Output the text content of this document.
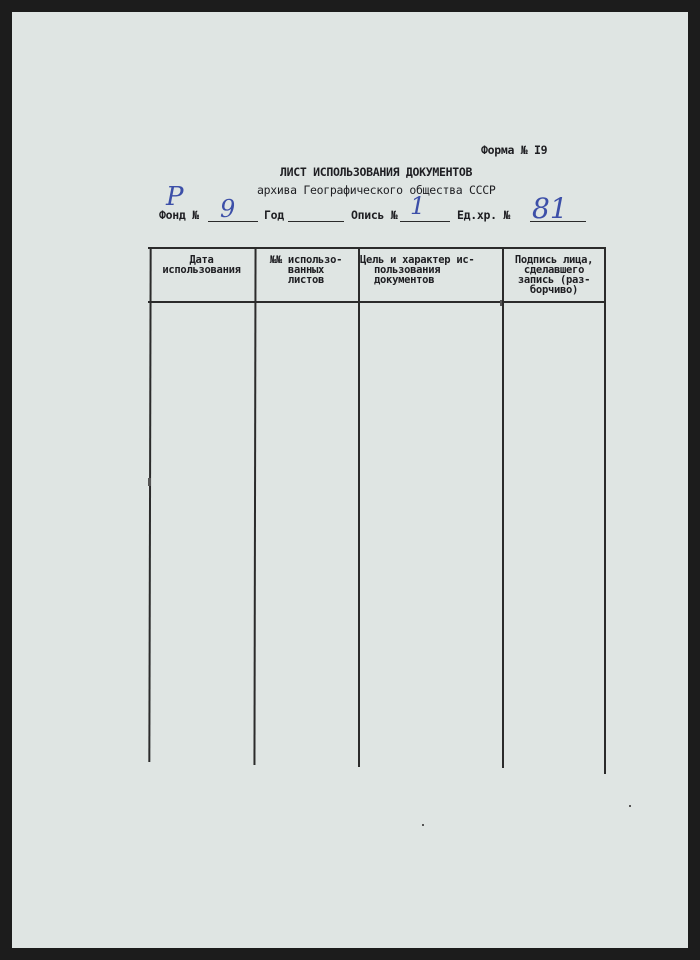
Форма № I9
ЛИСТ ИСПОЛЬЗОВАНИЯ ДОКУМЕНТОВ
архива Географического общества СССР
Фонд №
Р 9 Год	Опись № 1	Ед.хр. № 81
Дата
использования
№№ использо-
ванных
листов
Цель и характер ис-
пользования
документов
Подпись лица,
сделавшего
запись (раз-
борчиво)
